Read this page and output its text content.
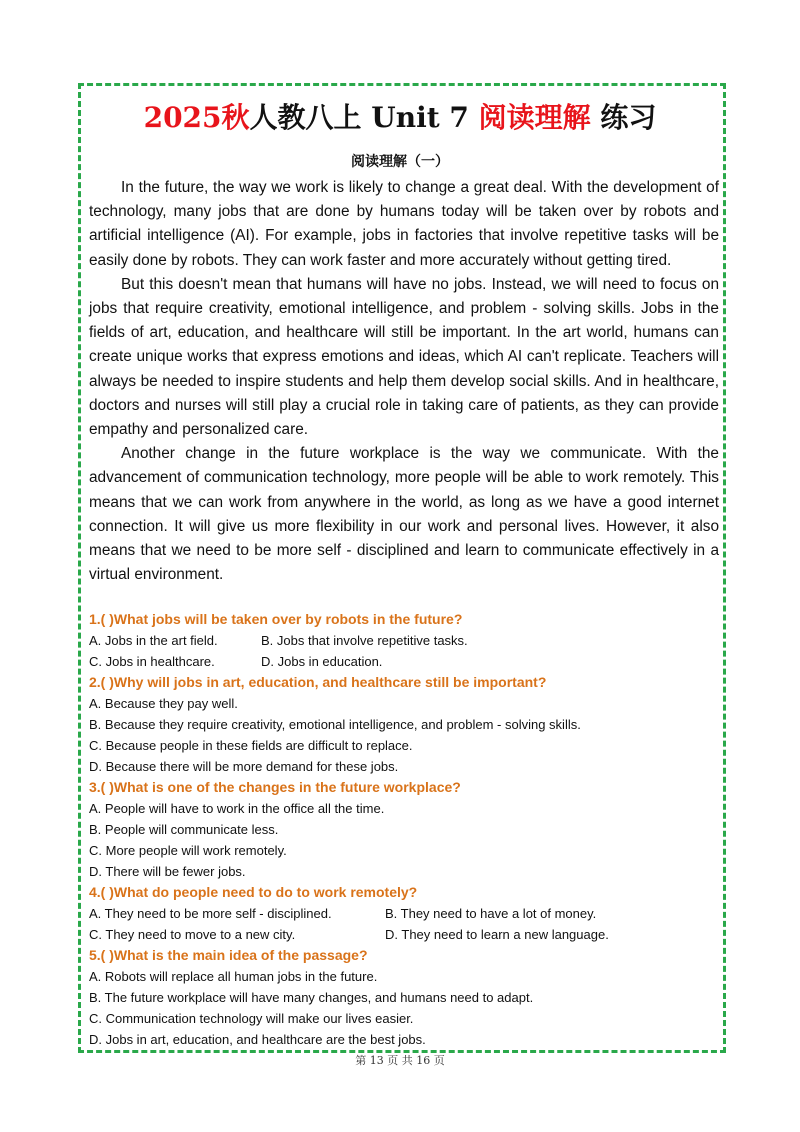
2025秋人教八上 Unit 7 阅读理解 练习
阅读理解（一）

In the future, the way we work is likely to change a great deal. With the development of technology, many jobs that are done by humans today will be taken over by robots and artificial intelligence (AI). For example, jobs in factories that involve repetitive tasks will be easily done by robots. They can work faster and more accurately without getting tired.

But this doesn't mean that humans will have no jobs. Instead, we will need to focus on jobs that require creativity, emotional intelligence, and problem - solving skills. Jobs in the fields of art, education, and healthcare will still be important. In the art world, humans can create unique works that express emotions and ideas, which AI can't replicate. Teachers will always be needed to inspire students and help them develop social skills. And in healthcare, doctors and nurses will still play a crucial role in taking care of patients, as they can provide empathy and personalized care.

Another change in the future workplace is the way we communicate. With the advancement of communication technology, more people will be able to work remotely. This means that we can work from anywhere in the world, as long as we have a good internet connection. It will give us more flexibility in our work and personal lives. However, it also means that we need to be more self - disciplined and learn to communicate effectively in a virtual environment.

1.( )What jobs will be taken over by robots in the future?
A. Jobs in the art field.	B. Jobs that involve repetitive tasks.
C. Jobs in healthcare.	D. Jobs in education.
2.( )Why will jobs in art, education, and healthcare still be important?
A. Because they pay well.
B. Because they require creativity, emotional intelligence, and problem - solving skills.
C. Because people in these fields are difficult to replace.
D. Because there will be more demand for these jobs.
3.( )What is one of the changes in the future workplace?
A. People will have to work in the office all the time.
B. People will communicate less.
C. More people will work remotely.
D. There will be fewer jobs.
4.( )What do people need to do to work remotely?
A. They need to be more self - disciplined.	B. They need to have a lot of money.
C. They need to move to a new city.	D. They need to learn a new language.
5.( )What is the main idea of the passage?
A. Robots will replace all human jobs in the future.
B. The future workplace will have many changes, and humans need to adapt.
C. Communication technology will make our lives easier.
D. Jobs in art, education, and healthcare are the best jobs.
第 13 页 共 16 页
